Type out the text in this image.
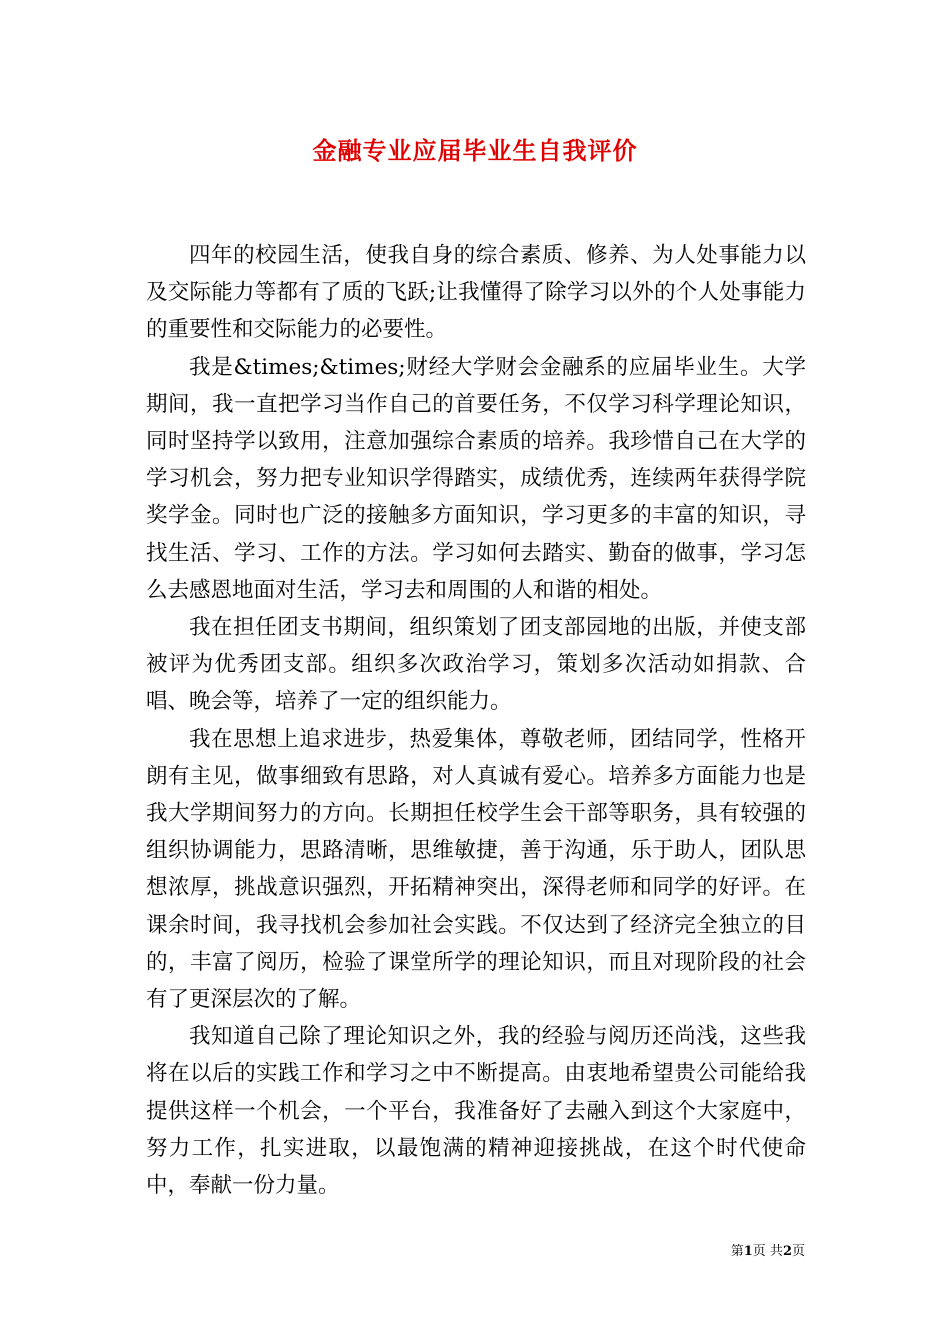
金融专业应届毕业生自我评价

四年的校园生活，使我自身的综合素质、修养、为人处事能力以及交际能力等都有了质的飞跃;让我懂得了除学习以外的个人处事能力的重要性和交际能力的必要性。

我是&times;&times;财经大学财会金融系的应届毕业生。大学期间，我一直把学习当作自己的首要任务，不仅学习科学理论知识，同时坚持学以致用，注意加强综合素质的培养。我珍惜自己在大学的学习机会，努力把专业知识学得踏实，成绩优秀，连续两年获得学院奖学金。同时也广泛的接触多方面知识，学习更多的丰富的知识，寻找生活、学习、工作的方法。学习如何去踏实、勤奋的做事，学习怎么去感恩地面对生活，学习去和周围的人和谐的相处。

我在担任团支书期间，组织策划了团支部园地的出版，并使支部被评为优秀团支部。组织多次政治学习，策划多次活动如捐款、合唱、晚会等，培养了一定的组织能力。

我在思想上追求进步，热爱集体，尊敬老师，团结同学，性格开朗有主见，做事细致有思路，对人真诚有爱心。培养多方面能力也是我大学期间努力的方向。长期担任校学生会干部等职务，具有较强的组织协调能力，思路清晰，思维敏捷，善于沟通，乐于助人，团队思想浓厚，挑战意识强烈，开拓精神突出，深得老师和同学的好评。在课余时间，我寻找机会参加社会实践。不仅达到了经济完全独立的目的，丰富了阅历，检验了课堂所学的理论知识，而且对现阶段的社会有了更深层次的了解。

我知道自己除了理论知识之外，我的经验与阅历还尚浅，这些我将在以后的实践工作和学习之中不断提高。由衷地希望贵公司能给我提供这样一个机会，一个平台，我准备好了去融入到这个大家庭中，努力工作，扎实进取，以最饱满的精神迎接挑战，在这个时代使命中，奉献一份力量。

第1页 共2页
